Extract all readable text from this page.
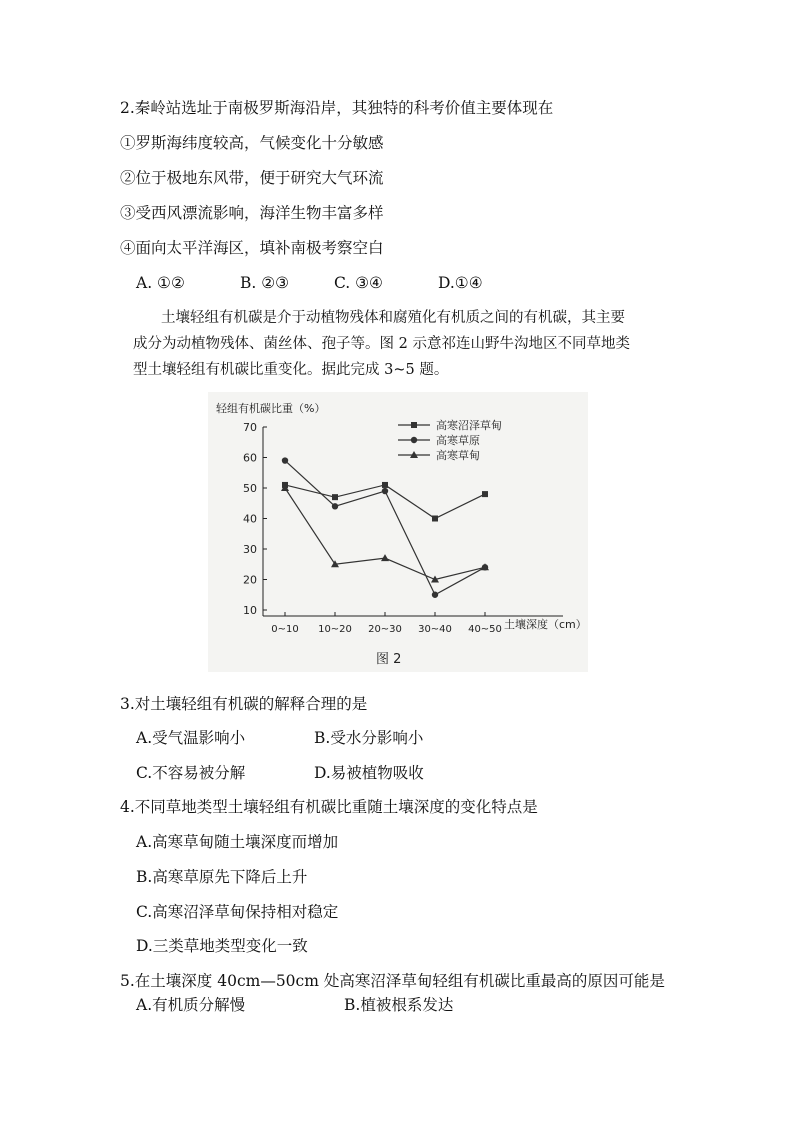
2.秦岭站选址于南极罗斯海沿岸，其独特的科考价值主要体现在
①罗斯海纬度较高，气候变化十分敏感
②位于极地东风带，便于研究大气环流
③受西风漂流影响，海洋生物丰富多样
④面向太平洋海区，填补南极考察空白
A. ①②	B. ②③	C. ③④	D.①④

土壤轻组有机碳是介于动植物残体和腐殖化有机质之间的有机碳，其主要

成分为动植物残体、菌丝体、孢子等。图 2 示意祁连山野牛沟地区不同草地类

型土壤轻组有机碳比重变化。据此完成 3~5 题。

10
20
30
40
50
60
70
0~10 10~20 20~30 30~40 40~50
高寒沼泽草甸
高寒草原
高寒草甸
轻组有机碳比重（%）
土壤深度（cm）
图 2
3.对土壤轻组有机碳的解释合理的是
A.受气温影响小	B.受水分影响小
C.不容易被分解	D.易被植物吸收
4.不同草地类型土壤轻组有机碳比重随土壤深度的变化特点是
A.高寒草甸随土壤深度而增加
B.高寒草原先下降后上升
C.高寒沼泽草甸保持相对稳定
D.三类草地类型变化一致
5.在土壤深度 40cm—50cm 处高寒沼泽草甸轻组有机碳比重最高的原因可能是
A.有机质分解慢	B.植被根系发达
